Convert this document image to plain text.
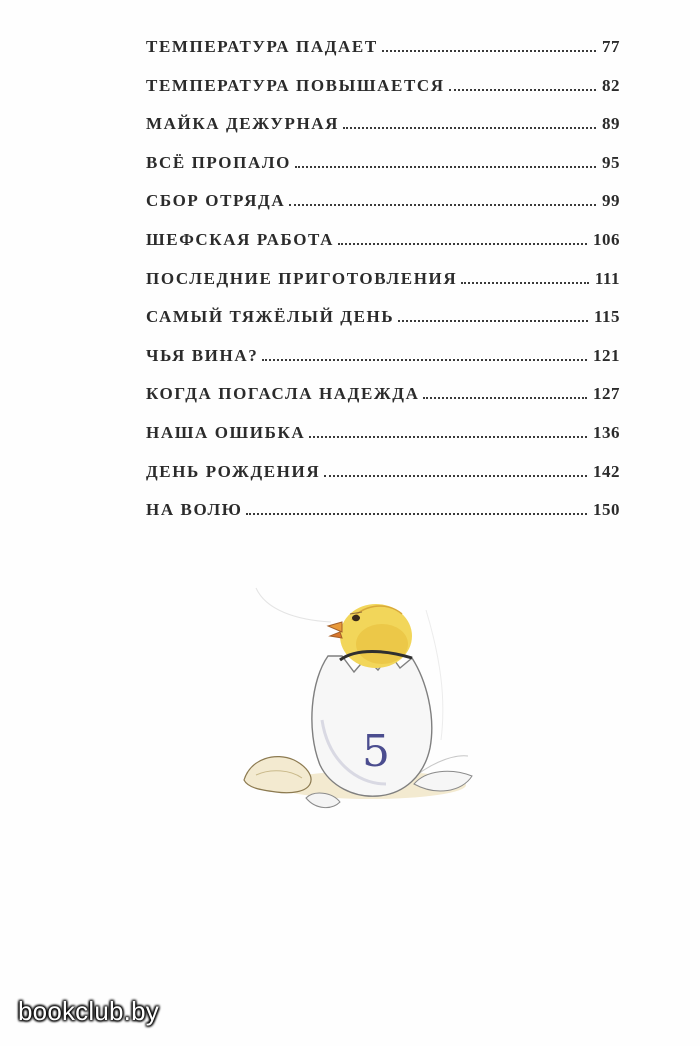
ТЕМПЕРАТУРА ПАДАЕТ	77
ТЕМПЕРАТУРА ПОВЫШАЕТСЯ	82
МАЙКА ДЕЖУРНАЯ	89
ВСЁ ПРОПАЛО	95
СБОР ОТРЯДА	99
ШЕФСКАЯ РАБОТА	106
ПОСЛЕДНИЕ ПРИГОТОВЛЕНИЯ	111
САМЫЙ ТЯЖЁЛЫЙ ДЕНЬ	115
ЧЬЯ ВИНА?	121
КОГДА ПОГАСЛА НАДЕЖДА	127
НАША ОШИБКА	136
ДЕНЬ РОЖДЕНИЯ	142
НА ВОЛЮ	150
5
bookclub.by
